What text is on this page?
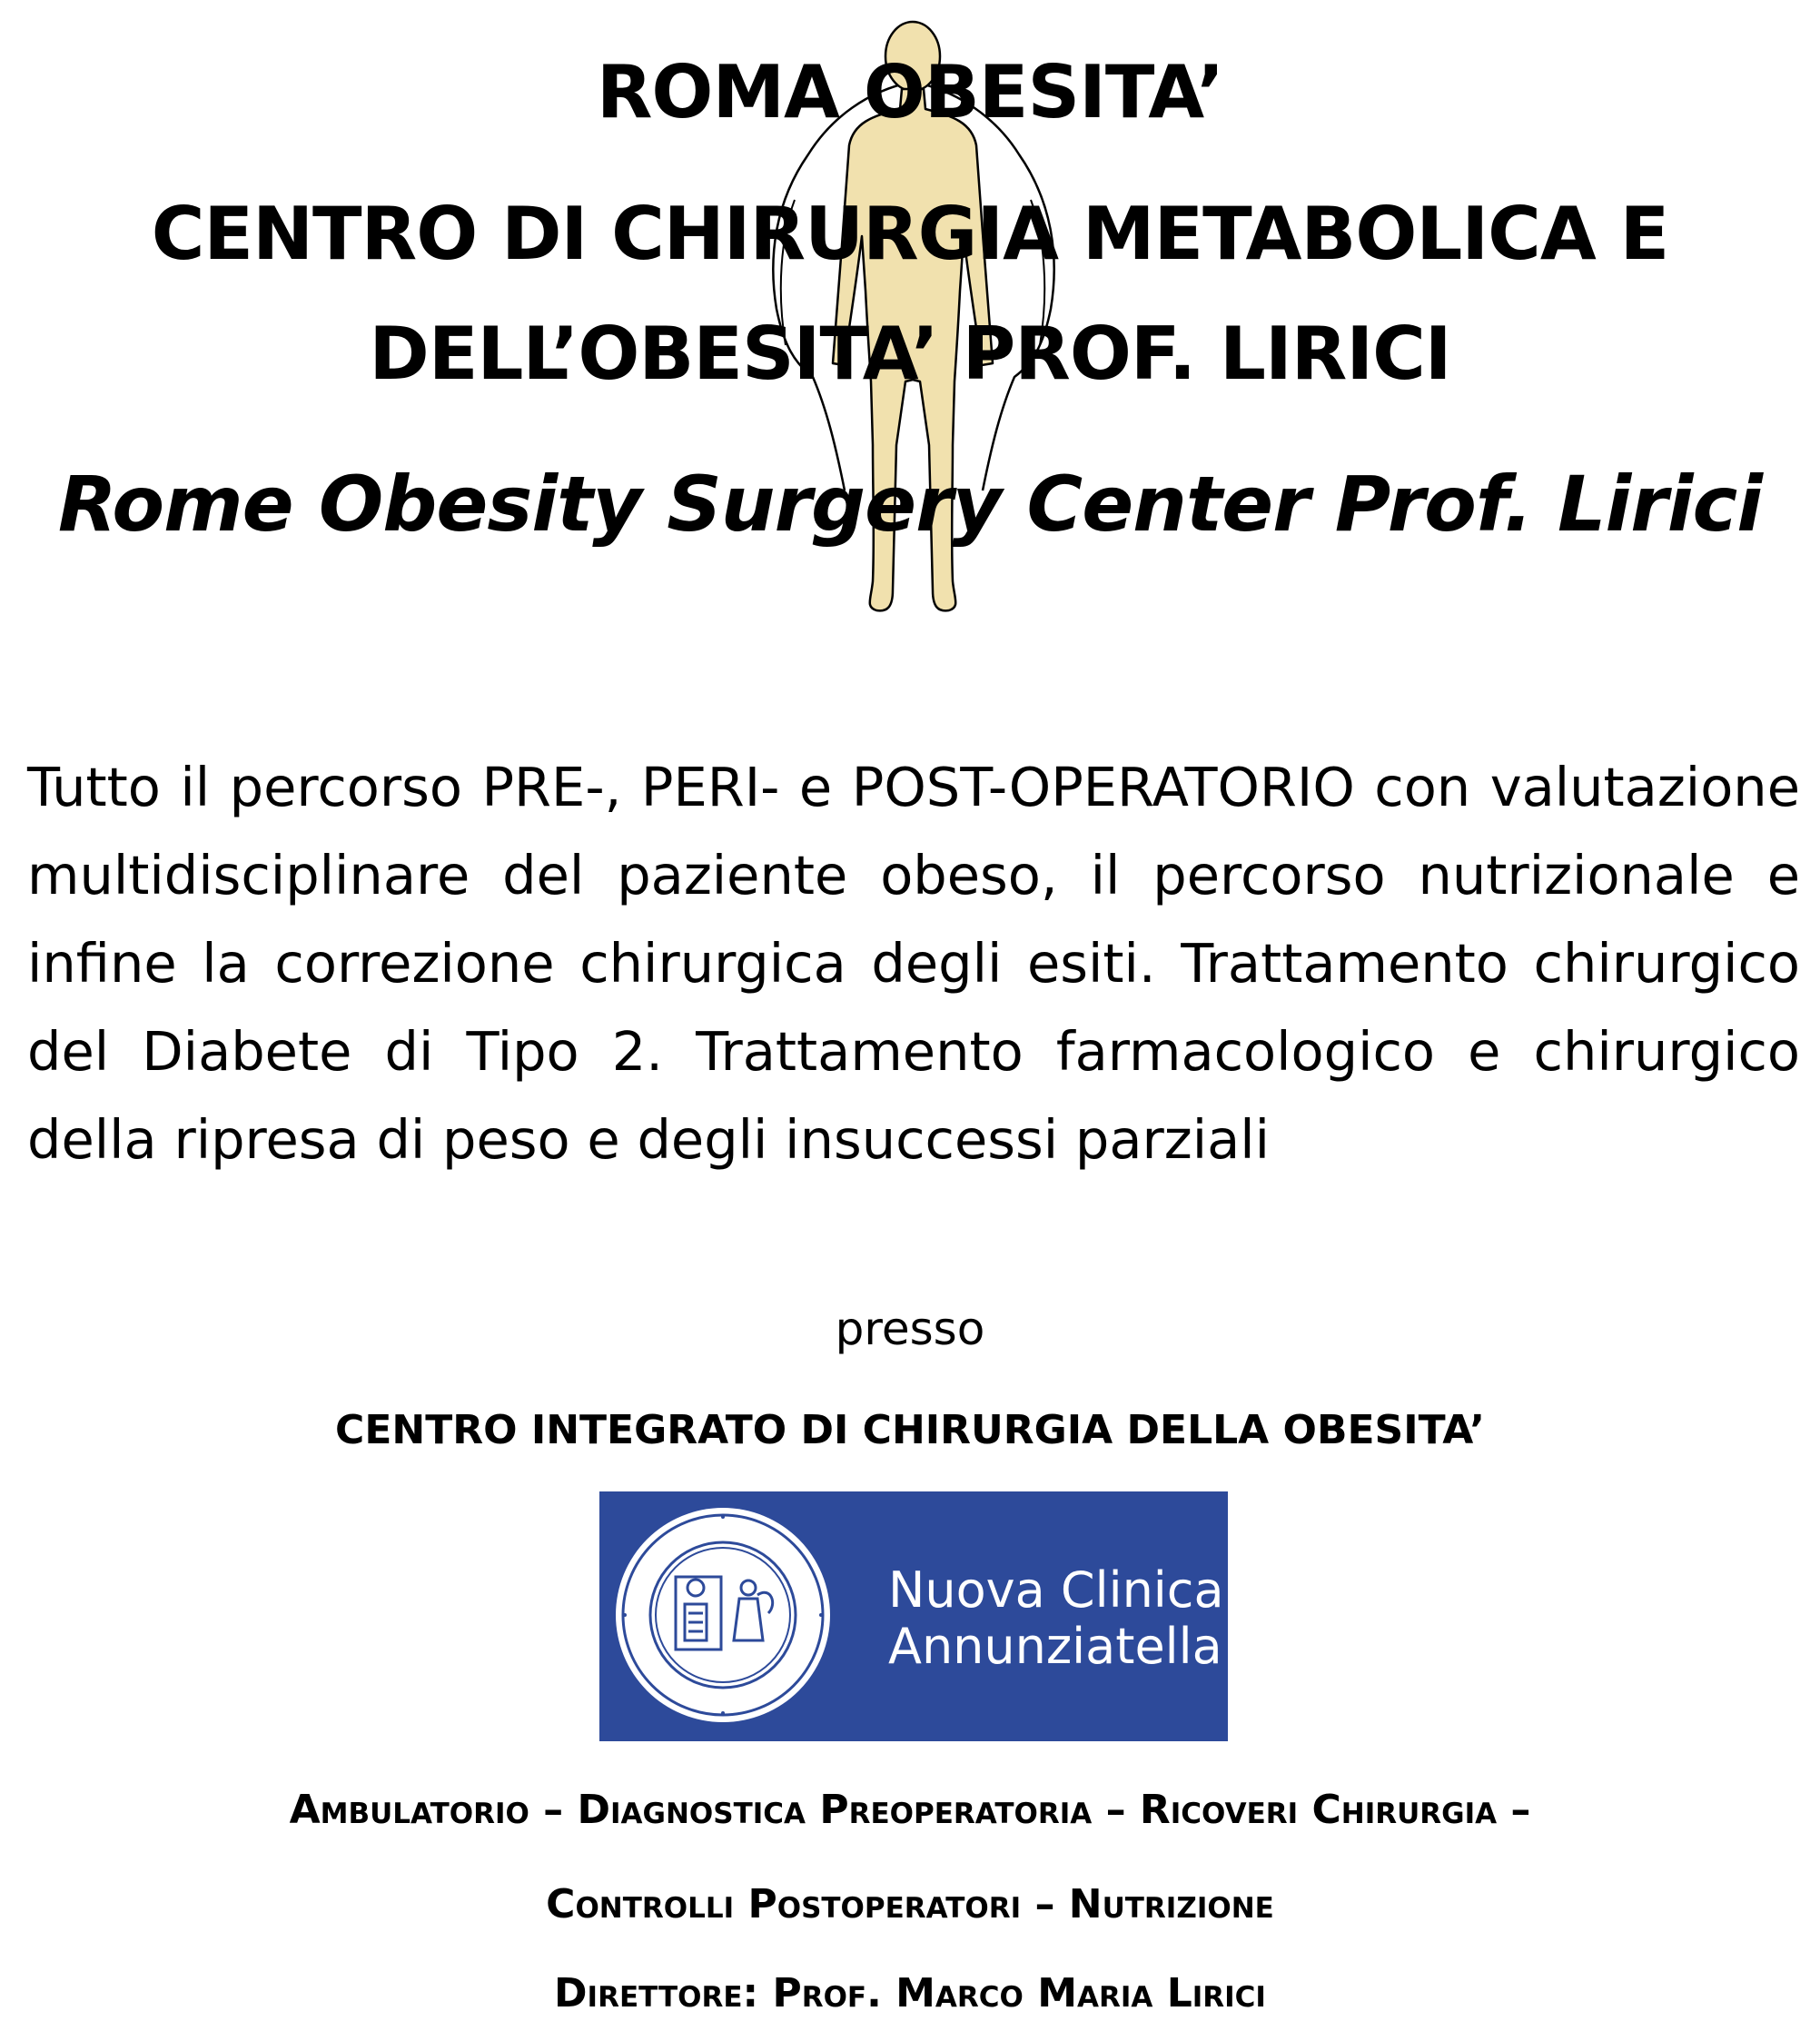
ROMA OBESITA’
CENTRO DI CHIRURGIA METABOLICA E
DELL’OBESITA’ PROF. LIRICI
Rome Obesity Surgery Center Prof. Lirici

Tutto il percorso PRE-, PERI- e POST-OPERATORIO con valutazione multidisciplinare del paziente obeso, il percorso nutrizionale e infine la correzione chirurgica degli esiti. Trattamento chirurgico del Diabete di Tipo 2. Trattamento farmacologico e chirurgico della ripresa di peso e degli insuccessi parziali

presso
CENTRO INTEGRATO DI CHIRURGIA DELLA OBESITA’
Nuova Clinica
Annunziatella
Ambulatorio – Diagnostica Preoperatoria – Ricoveri Chirurgia –
Controlli Postoperatori – Nutrizione
Direttore: Prof. Marco Maria Lirici
